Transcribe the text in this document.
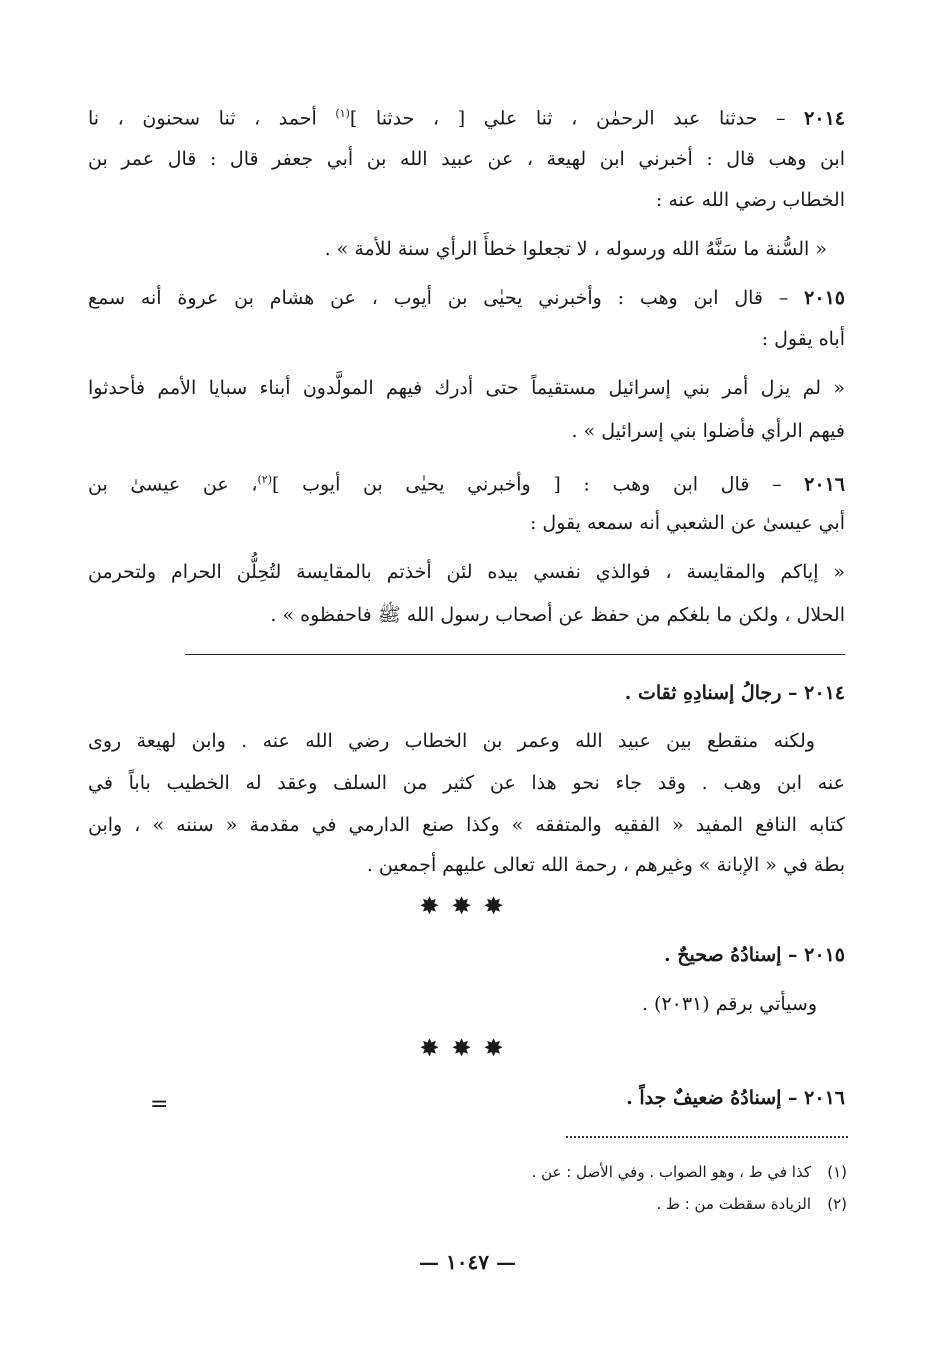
٢٠١٤ – حدثنا عبد الرحمٰن ، ثنا علي [ ، حدثنا ]$^{(١)}$ أحمد ، ثنا سحنون ، نا

ابن وهب قال : أخبرني ابن لهيعة ، عن عبيد الله بن أبي جعفر قال : قال عمر بن

الخطاب رضي الله عنه :

« السُّنة ما سَنَّهُ الله ورسوله ، لا تجعلوا خطأَ الرأي سنة للأمة » .

٢٠١٥ – قال ابن وهب : وأخبرني يحيٰى بن أيوب ، عن هشام بن عروة أنه سمع

أباه يقول :

« لم يزل أمر بني إسرائيل مستقيماً حتى أدرك فيهم المولَّدون أبناء سبايا الأمم فأحدثوا

فيهم الرأي فأضلوا بني إسرائيل » .

٢٠١٦ – قال ابن وهب : [ وأخبرني يحيٰى بن أيوب ]$^{(٢)}$، عن عيسىٰ بن

أبي عيسىٰ عن الشعبي أنه سمعه يقول :

« إياكم والمقايسة ، فوالذي نفسي بيده لئن أخذتم بالمقايسة لتُحِلُّن الحرام ولتحرمن

الحلال ، ولكن ما بلغكم من حفظ عن أصحاب رسول الله ﷺ فاحفظوه » .

٢٠١٤ – رجالُ إسنادِهِ ثقات .

ولكنه منقطع بين عبيد الله وعمر بن الخطاب رضي الله عنه . وابن لهيعة روى

عنه ابن وهب . وقد جاء نحو هذا عن كثير من السلف وعقد له الخطيب باباً في

كتابه النافع المفيد « الفقيه والمتفقه » وكذا صنع الدارمي في مقدمة « سننه » ، وابن

بطة في « الإبانة » وغيرهم ، رحمة الله تعالى عليهم أجمعين .

✸✸✸

٢٠١٥ – إسنادُهُ صحيحٌ .

وسيأتي برقم (٢٠٣١) .

✸✸✸

٢٠١٦ – إسنادُهُ ضعيفٌ جداً .

=
(١)كذا في ط ، وهو الصواب . وفي الأصل : عن .
(٢)الزيادة سقطت من : ط .
— ١٠٤٧ —
